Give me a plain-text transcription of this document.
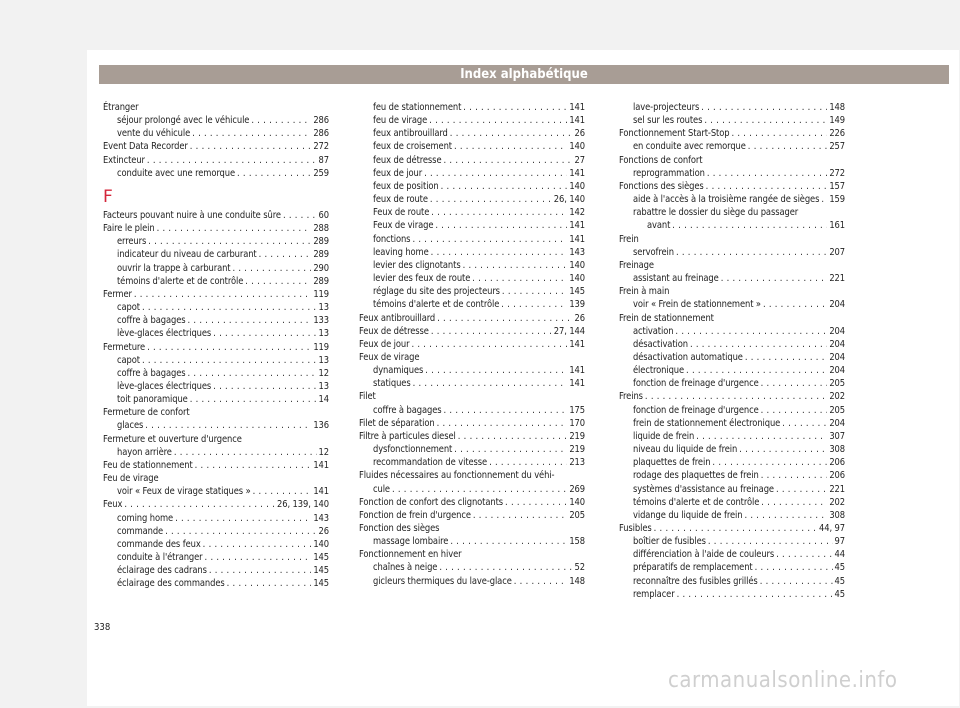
Index alphabétique
Étranger
séjour prolongé avec le véhicule . . .	286
vente du véhicule . . .	286
Event Data Recorder . . .	272
Extincteur . . .	87
conduite avec une remorque . . .	259
F
Facteurs pouvant nuire à une conduite sûre . . .	60
Faire le plein . . .	288
erreurs . . .	289
indicateur du niveau de carburant . . .	289
ouvrir la trappe à carburant . . .	290
témoins d'alerte et de contrôle . . .	289
Fermer . . .	119
capot . . .	13
coffre à bagages . . .	133
lève-glaces électriques . . .	13
Fermeture . . .	119
capot . . .	13
coffre à bagages . . .	12
lève-glaces électriques . . .	13
toit panoramique . . .	14
Fermeture de confort
glaces . . .	136
Fermeture et ouverture d'urgence
hayon arrière . . .	12
Feu de stationnement . . .	141
Feu de virage
voir « Feux de virage statiques » . . .	141
Feux . . .	26, 139, 140
coming home . . .	143
commande . . .	26
commande des feux . . .	140
conduite à l'étranger . . .	145
éclairage des cadrans . . .	145
éclairage des commandes . . .	145
feu de stationnement . . .	141
feu de virage . . .	141
feux antibrouillard . . .	26
feux de croisement . . .	140
feux de détresse . . .	27
feux de jour . . .	141
feux de position . . .	140
feux de route . . .	26, 140
Feux de route . . .	142
Feux de virage . . .	141
fonctions . . .	141
leaving home . . .	143
levier des clignotants . . .	140
levier des feux de route . . .	140
réglage du site des projecteurs . . .	145
témoins d'alerte et de contrôle . . .	139
Feux antibrouillard . . .	26
Feux de détresse . . .	27, 144
Feux de jour . . .	141
Feux de virage
dynamiques . . .	141
statiques . . .	141
Filet
coffre à bagages . . .	175
Filet de séparation . . .	170
Filtre à particules diesel . . .	219
dysfonctionnement . . .	219
recommandation de vitesse . . .	213
Fluides nécessaires au fonctionnement du véhi-
cule . . .	269
Fonction de confort des clignotants . . .	140
Fonction de frein d'urgence . . .	205
Fonction des sièges
massage lombaire . . .	158
Fonctionnement en hiver
chaînes à neige . . .	52
gicleurs thermiques du lave-glace . . .	148
lave-projecteurs . . .	148
sel sur les routes . . .	149
Fonctionnement Start-Stop . . .	226
en conduite avec remorque . . .	257
Fonctions de confort
reprogrammation . . .	272
Fonctions des sièges . . .	157
aide à l'accès à la troisième rangée de sièges . . . 159
rabattre le dossier du siège du passager
avant . . .	161
Frein
servofrein . . .	207
Freinage
assistant au freinage . . .	221
Frein à main
voir « Frein de stationnement » . . .	204
Frein de stationnement
activation . . .	204
désactivation . . .	204
désactivation automatique . . .	204
électronique . . .	204
fonction de freinage d'urgence . . .	205
Freins . . .	202
fonction de freinage d'urgence . . .	205
frein de stationnement électronique . . .	204
liquide de frein . . .	307
niveau du liquide de frein . . .	308
plaquettes de frein . . .	206
rodage des plaquettes de frein . . .	206
systèmes d'assistance au freinage . . .	221
témoins d'alerte et de contrôle . . .	202
vidange du liquide de frein . . .	308
Fusibles . . .	44, 97
boîtier de fusibles . . .	97
différenciation à l'aide de couleurs . . .	44
préparatifs de remplacement . . .	45
reconnaître des fusibles grillés . . .	45
remplacer . . .	45
338
carmanualsonline.info
